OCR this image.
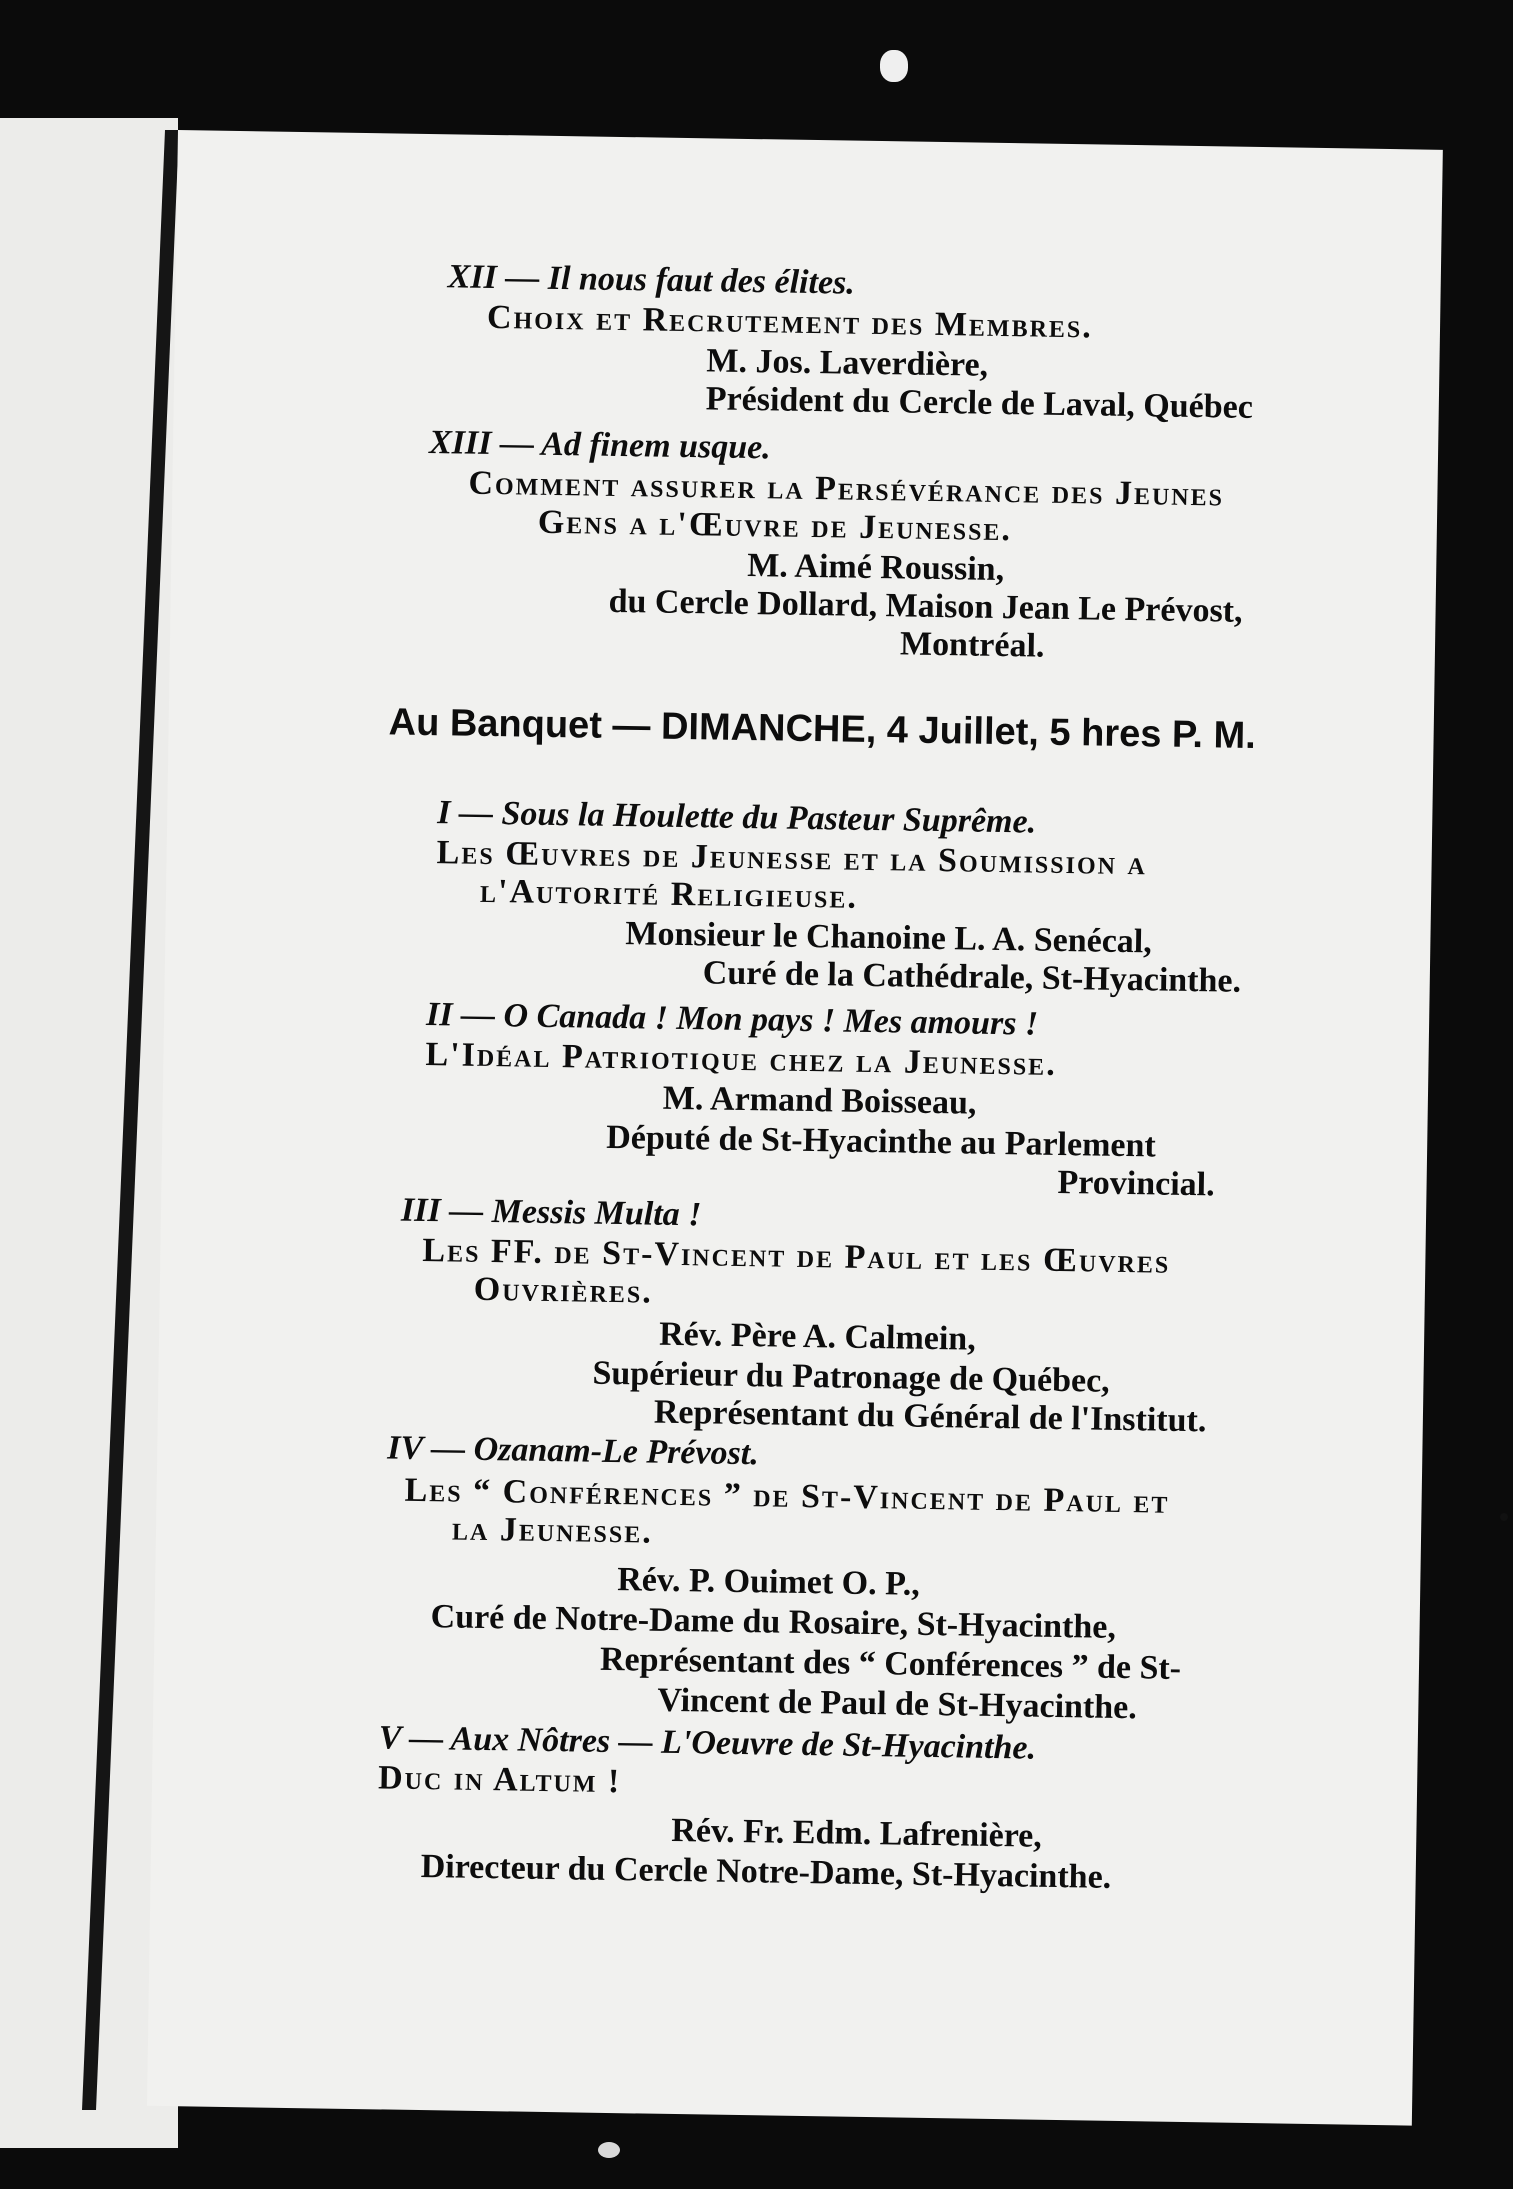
XII — Il nous faut des élites.
Choix et Recrutement des Membres.
M. Jos. Laverdière,
Président du Cercle de Laval, Québec
XIII — Ad finem usque.
Comment assurer la Persévérance des Jeunes
Gens a l'Œuvre de Jeunesse.
M. Aimé Roussin,
du Cercle Dollard, Maison Jean Le Prévost,
Montréal.
Au Banquet — DIMANCHE, 4 Juillet, 5 hres P. M.
I — Sous la Houlette du Pasteur Suprême.
Les Œuvres de Jeunesse et la Soumission a
l'Autorité Religieuse.
Monsieur le Chanoine L. A. Senécal,
Curé de la Cathédrale, St-Hyacinthe.
II — O Canada ! Mon pays ! Mes amours !
L'Idéal Patriotique chez la Jeunesse.
M. Armand Boisseau,
Député de St-Hyacinthe au Parlement
Provincial.
III — Messis Multa !
Les FF. de St-Vincent de Paul et les Œuvres
Ouvrières.
Rév. Père A. Calmein,
Supérieur du Patronage de Québec,
Représentant du Général de l'Institut.
IV — Ozanam-Le Prévost.
Les “ Conférences ” de St-Vincent de Paul et
la Jeunesse.
Rév. P. Ouimet O. P.,
Curé de Notre-Dame du Rosaire, St-Hyacinthe,
Représentant des “ Conférences ” de St-
Vincent de Paul de St-Hyacinthe.
V — Aux Nôtres — L'Oeuvre de St-Hyacinthe.
Duc in Altum !
Rév. Fr. Edm. Lafrenière,
Directeur du Cercle Notre-Dame, St-Hyacinthe.
